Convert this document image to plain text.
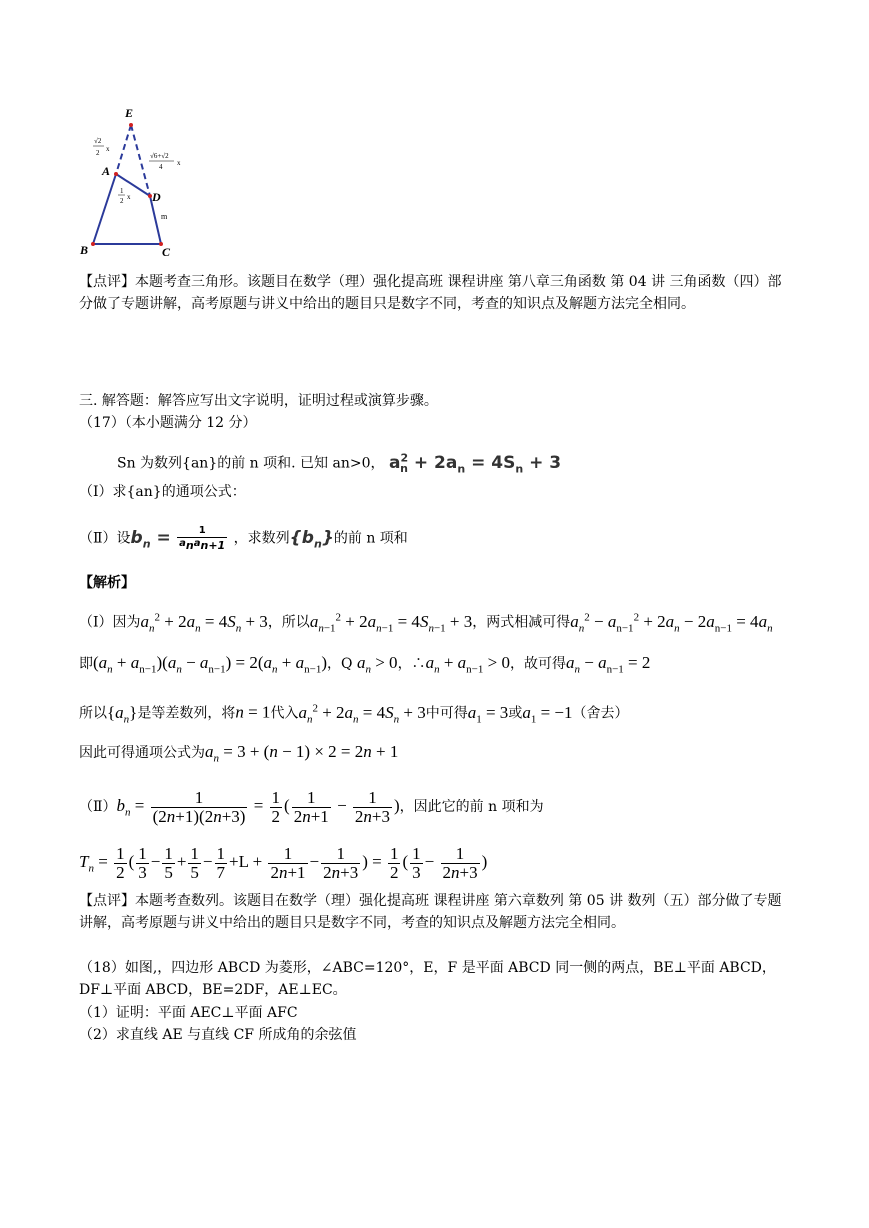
E
A
D
B	C
√2
2 x
√6+√2
4 x
1
2 x
m
【点评】本题考查三角形。该题目在数学（理）强化提高班 课程讲座 第八章三角函数 第 04 讲 三角函数（四）部分做了专题讲解，高考原题与讲义中给出的题目只是数字不同，考查的知识点及解题方法完全相同。
三. 解答题：解答应写出文字说明，证明过程或演算步骤。
（17）（本小题满分 12 分）
Sn 为数列{an}的前 n 项和. 已知 an>0， $a^2_n + 2a_n = 4S_n + 3$
（Ⅰ）求{an}的通项公式：
（Ⅱ）设$b_n = \frac{1}{a_na_{n+1}}$ ，求数列$\{b_n\}$的前 n 项和
【解析】
（Ⅰ）因为$a_n^2 + 2a_n = 4S_n + 3$，所以$a_{n-1}^2 + 2a_{n-1} = 4S_{n-1} + 3$，两式相减可得$a_n^2 - a_{n-1}^2 + 2a_n - 2a_{n-1} = 4a_n$
即$(a_n + a_{n-1})(a_n - a_{n-1}) = 2(a_n + a_{n-1})$，Q $a_n > 0$，$\therefore a_n + a_{n-1} > 0$，故可得$a_n - a_{n-1} = 2$
所以$\{a_n\}$是等差数列，将n = 1代入$a_n^2 + 2a_n = 4S_n + 3$中可得$a_1 = 3$或$a_1 = -1$（舍去）
因此可得通项公式为$a_n = 3 + (n - 1) \times 2 = 2n + 1$
$(Ⅱ)b_n = \frac{1}{(2n+1)(2n+3)} = \frac{1}{2}$ ( $\frac{1}{2n+1} - \frac{1}{2n+3}$ )，因此它的前 n 项和为
$T_n = \frac{1}{2}$ ( $\frac{1}{3} - \frac{1}{5} + \frac{1}{5} - \frac{1}{7} +L + \frac{1}{2n+1} - \frac{1}{2n+3}$ ) = $\frac{1}{2}$ ( $\frac{1}{3} - \frac{1}{2n+3}$ )
【点评】本题考查数列。该题目在数学（理）强化提高班 课程讲座 第六章数列 第 05 讲 数列（五）部分做了专题讲解，高考原题与讲义中给出的题目只是数字不同，考查的知识点及解题方法完全相同。
（18）如图,，四边形 ABCD 为菱形，∠ABC=120°，E，F 是平面 ABCD 同一侧的两点，BE⊥平面 ABCD，DF⊥平面 ABCD，BE=2DF，AE⊥EC。
（1）证明：平面 AEC⊥平面 AFC
（2）求直线 AE 与直线 CF 所成角的余弦值
